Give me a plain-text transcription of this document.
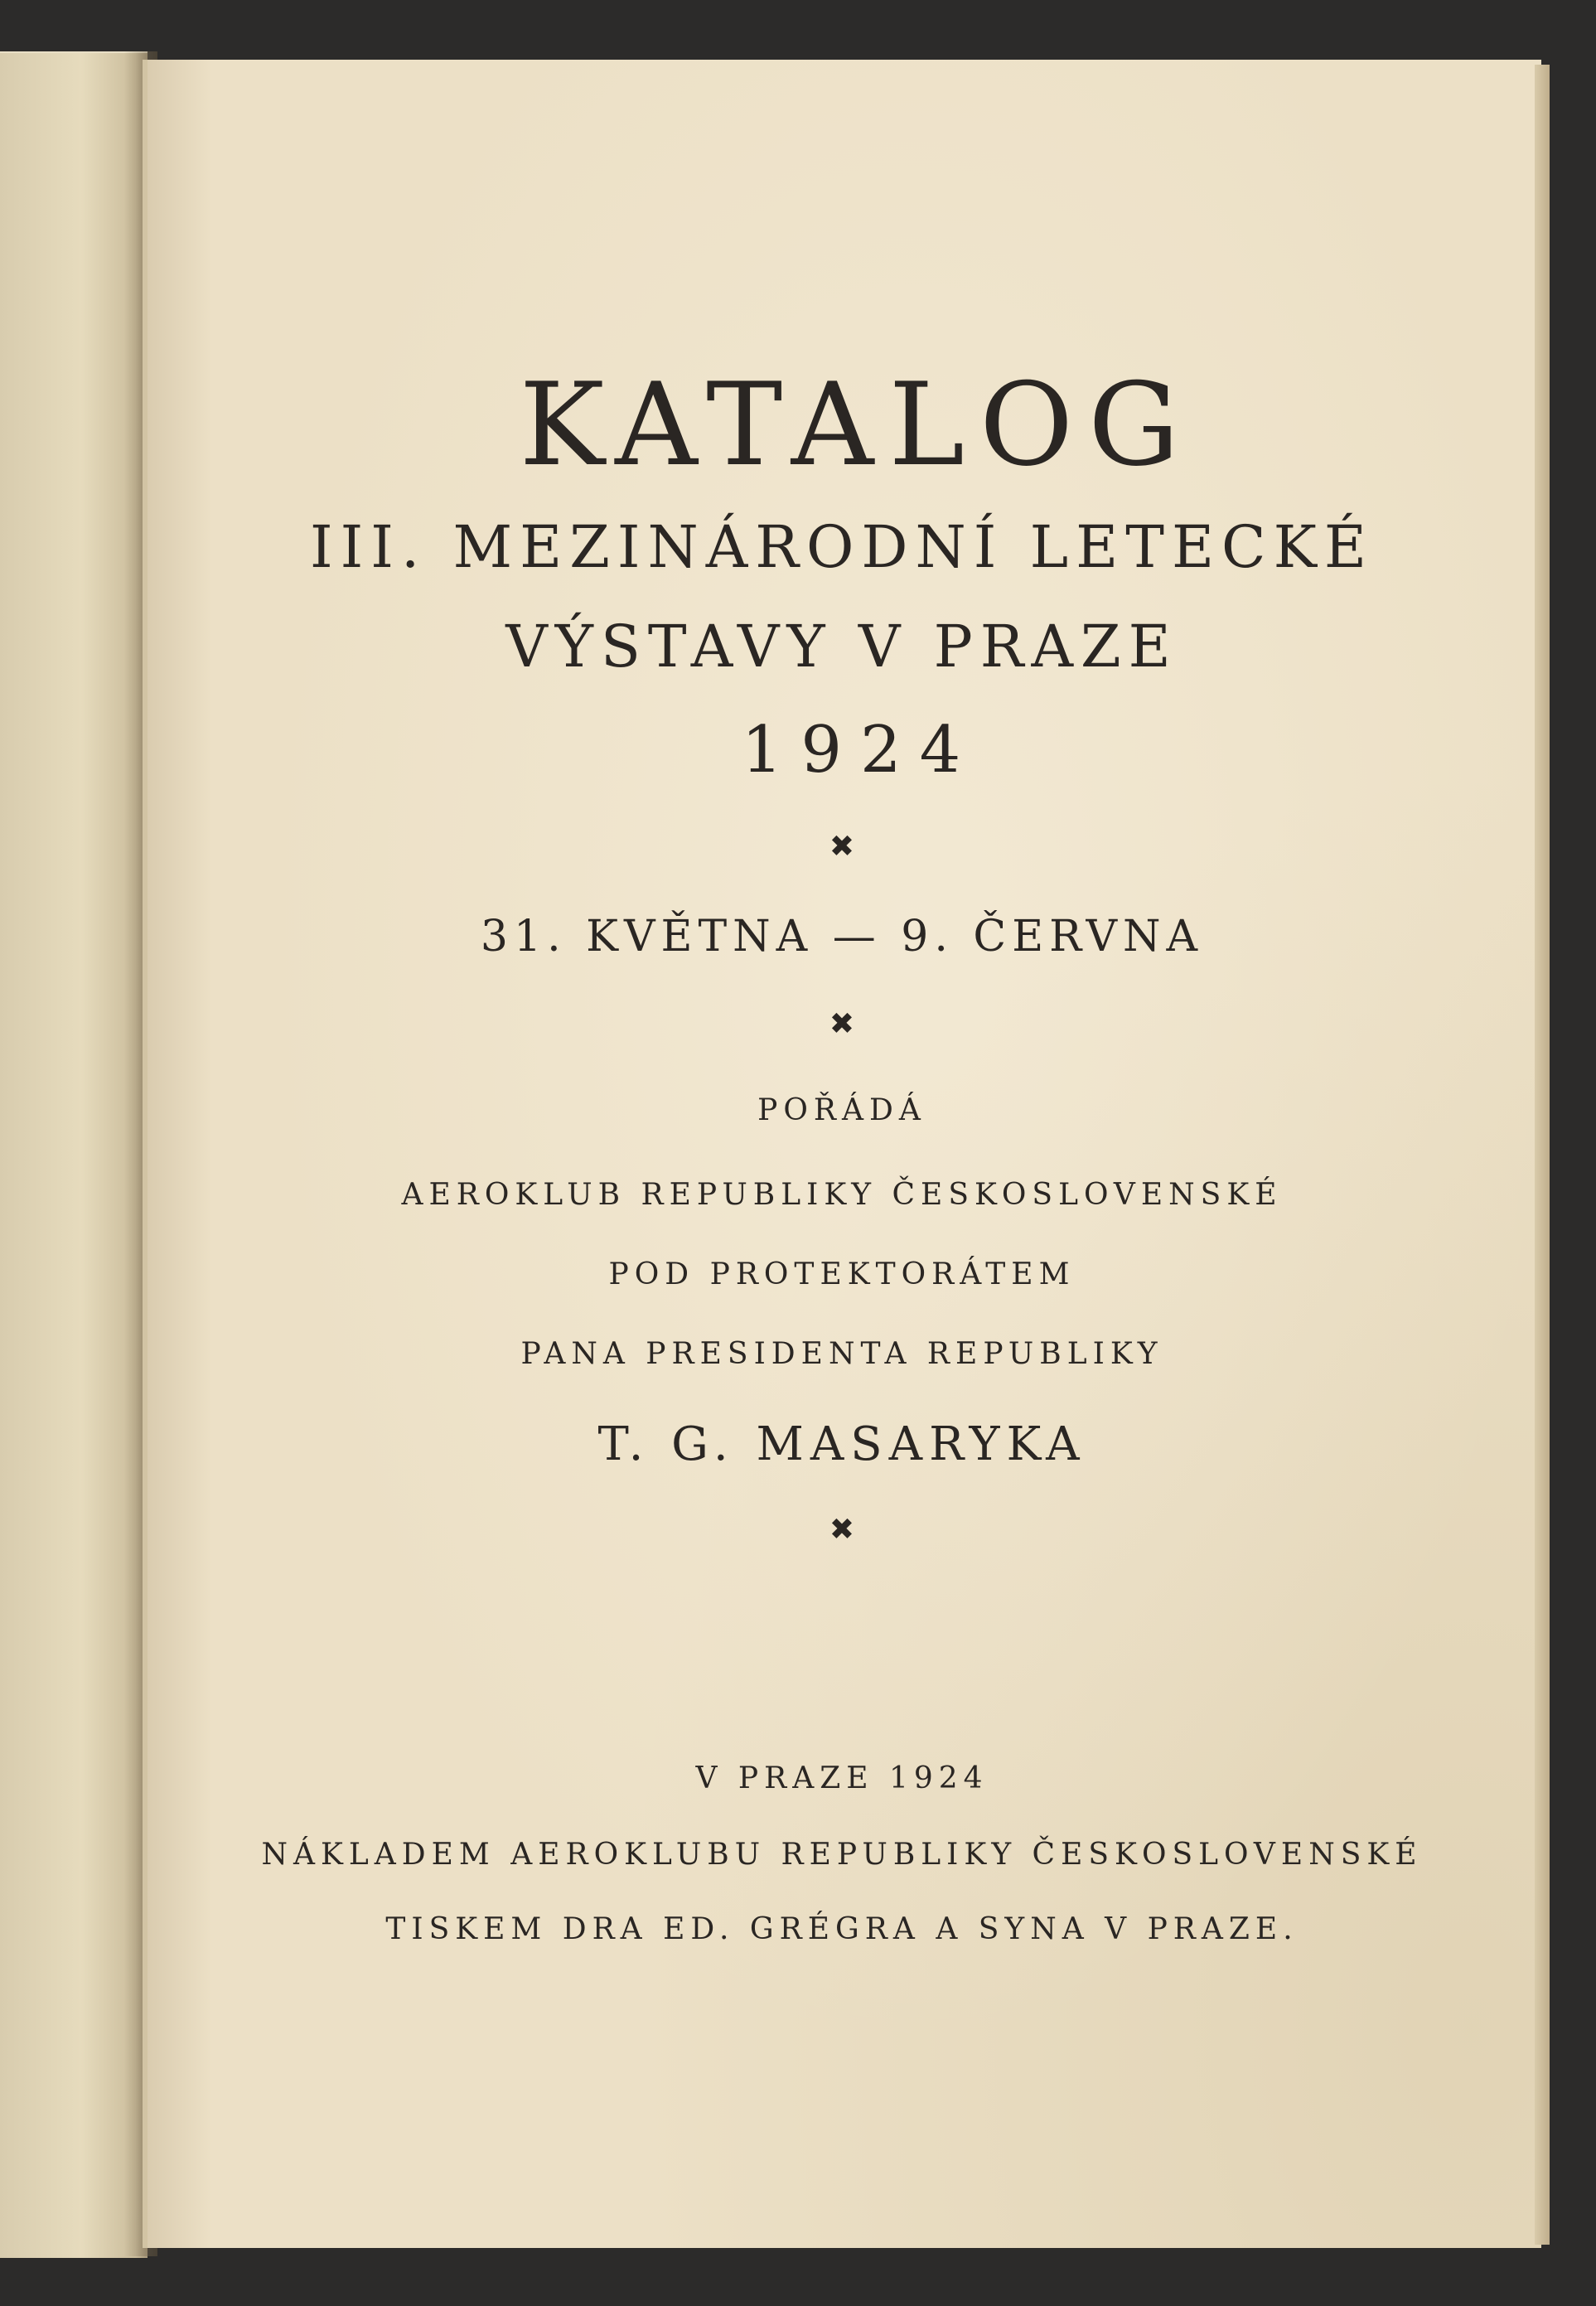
KATALOG
III. MEZINÁRODNÍ LETECKÉ
VÝSTAVY V PRAZE
1924
✖
31. KVĚTNA — 9. ČERVNA
✖
POŘÁDÁ
AEROKLUB REPUBLIKY ČESKOSLOVENSKÉ
POD PROTEKTORÁTEM
PANA PRESIDENTA REPUBLIKY
T. G. MASARYKA
✖
V PRAZE 1924
NÁKLADEM AEROKLUBU REPUBLIKY ČESKOSLOVENSKÉ
TISKEM DRA ED. GRÉGRA A SYNA V PRAZE.
